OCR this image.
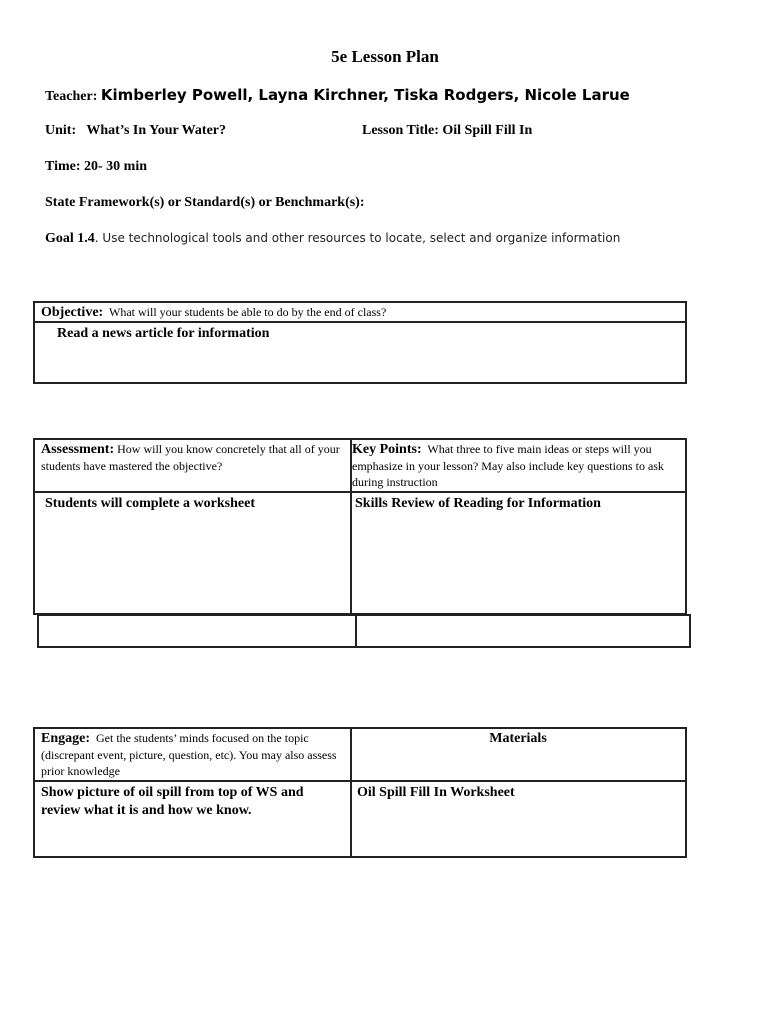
5e Lesson Plan
Teacher: Kimberley Powell, Layna Kirchner, Tiska Rodgers, Nicole Larue
Unit: What’s In Your Water?	Lesson Title: Oil Spill Fill In
Time: 20- 30 min
State Framework(s) or Standard(s) or Benchmark(s):
Goal 1.4. Use technological tools and other resources to locate, select and organize information
Objective: What will your students be able to do by the end of class?
Read a news article for information
Assessment: How will you know concretely that all of your students have mastered the objective?
Key Points: What three to five main ideas or steps will you emphasize in your lesson? May also include key questions to ask during instruction
Students will complete a worksheet	Skills Review of Reading for Information
Engage: Get the students’ minds focused on the topic (discrepant event, picture, question, etc). You may also assess prior knowledge
Materials
Show picture of oil spill from top of WS and review what it is and how we know.
Oil Spill Fill In Worksheet
